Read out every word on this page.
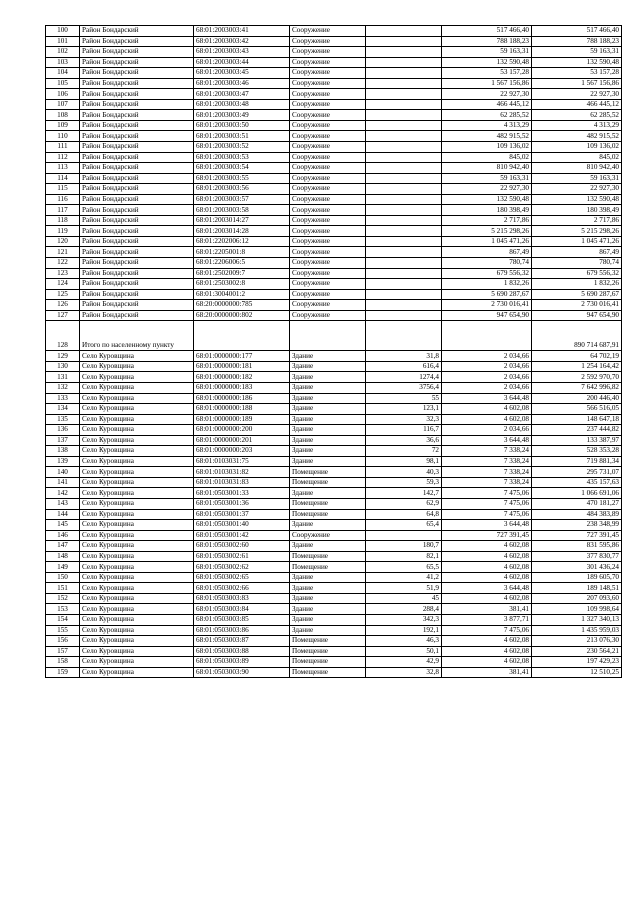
100	Район Бондарский	68:01:2003003:41	Сооружение		517 466,40	517 466,40
101	Район Бондарский	68:01:2003003:42	Сооружение		788 188,23	788 188,23
102	Район Бондарский	68:01:2003003:43	Сооружение		59 163,31	59 163,31
103	Район Бондарский	68:01:2003003:44	Сооружение		132 590,48	132 590,48
104	Район Бондарский	68:01:2003003:45	Сооружение		53 157,28	53 157,28
105	Район Бондарский	68:01:2003003:46	Сооружение		1 567 156,86	1 567 156,86
106	Район Бондарский	68:01:2003003:47	Сооружение		22 927,30	22 927,30
107	Район Бондарский	68:01:2003003:48	Сооружение		466 445,12	466 445,12
108	Район Бондарский	68:01:2003003:49	Сооружение		62 285,52	62 285,52
109	Район Бондарский	68:01:2003003:50	Сооружение		4 313,29	4 313,29
110	Район Бондарский	68:01:2003003:51	Сооружение		482 915,52	482 915,52
111	Район Бондарский	68:01:2003003:52	Сооружение		109 136,02	109 136,02
112	Район Бондарский	68:01:2003003:53	Сооружение		845,02	845,02
113	Район Бондарский	68:01:2003003:54	Сооружение		810 942,40	810 942,40
114	Район Бондарский	68:01:2003003:55	Сооружение		59 163,31	59 163,31
115	Район Бондарский	68:01:2003003:56	Сооружение		22 927,30	22 927,30
116	Район Бондарский	68:01:2003003:57	Сооружение		132 590,48	132 590,48
117	Район Бондарский	68:01:2003003:58	Сооружение		180 398,49	180 398,49
118	Район Бондарский	68:01:2003014:27	Сооружение		2 717,86	2 717,86
119	Район Бондарский	68:01:2003014:28	Сооружение		5 215 298,26	5 215 298,26
120	Район Бондарский	68:01:2202006:12	Сооружение		1 045 471,26	1 045 471,26
121	Район Бондарский	68:01:2205001:8	Сооружение		867,49	867,49
122	Район Бондарский	68:01:2206006:5	Сооружение		780,74	780,74
123	Район Бондарский	68:01:2502009:7	Сооружение		679 556,32	679 556,32
124	Район Бондарский	68:01:2503002:8	Сооружение		1 832,26	1 832,26
125	Район Бондарский	68:01:3004001:2	Сооружение		5 690 287,67	5 690 287,67
126	Район Бондарский	68:20:0000000:785	Сооружение		2 730 016,41	2 730 016,41
127	Район Бондарский	68:20:0000000:802	Сооружение		947 654,90	947 654,90
128	Итого по населенному пункту					890 714 687,91
129	Село Куровщина	68:01:0000000:177	Здание	31,8	2 034,66	64 702,19
130	Село Куровщина	68:01:0000000:181	Здание	616,4	2 034,66	1 254 164,42
131	Село Куровщина	68:01:0000000:182	Здание	1274,4	2 034,66	2 592 970,70
132	Село Куровщина	68:01:0000000:183	Здание	3756,4	2 034,66	7 642 996,82
133	Село Куровщина	68:01:0000000:186	Здание	55	3 644,48	200 446,40
134	Село Куровщина	68:01:0000000:188	Здание	123,1	4 602,08	566 516,05
135	Село Куровщина	68:01:0000000:189	Здание	32,3	4 602,08	148 647,18
136	Село Куровщина	68:01:0000000:200	Здание	116,7	2 034,66	237 444,82
137	Село Куровщина	68:01:0000000:201	Здание	36,6	3 644,48	133 387,97
138	Село Куровщина	68:01:0000000:203	Здание	72	7 338,24	528 353,28
139	Село Куровщина	68:01:0103031:75	Здание	98,1	7 338,24	719 881,34
140	Село Куровщина	68:01:0103031:82	Помещение	40,3	7 338,24	295 731,07
141	Село Куровщина	68:01:0103031:83	Помещение	59,3	7 338,24	435 157,63
142	Село Куровщина	68:01:0503001:33	Здание	142,7	7 475,06	1 066 691,06
143	Село Куровщина	68:01:0503001:36	Помещение	62,9	7 475,06	470 181,27
144	Село Куровщина	68:01:0503001:37	Помещение	64,8	7 475,06	484 383,89
145	Село Куровщина	68:01:0503001:40	Здание	65,4	3 644,48	238 348,99
146	Село Куровщина	68:01:0503001:42	Сооружение		727 391,45	727 391,45
147	Село Куровщина	68:01:0503002:60	Здание	180,7	4 602,08	831 595,86
148	Село Куровщина	68:01:0503002:61	Помещение	82,1	4 602,08	377 830,77
149	Село Куровщина	68:01:0503002:62	Помещение	65,5	4 602,08	301 436,24
150	Село Куровщина	68:01:0503002:65	Здание	41,2	4 602,08	189 605,70
151	Село Куровщина	68:01:0503002:66	Здание	51,9	3 644,48	189 148,51
152	Село Куровщина	68:01:0503003:83	Здание	45	4 602,08	207 093,60
153	Село Куровщина	68:01:0503003:84	Здание	288,4	381,41	109 998,64
154	Село Куровщина	68:01:0503003:85	Здание	342,3	3 877,71	1 327 340,13
155	Село Куровщина	68:01:0503003:86	Здание	192,1	7 475,06	1 435 959,03
156	Село Куровщина	68:01:0503003:87	Помещение	46,3	4 602,08	213 076,30
157	Село Куровщина	68:01:0503003:88	Помещение	50,1	4 602,08	230 564,21
158	Село Куровщина	68:01:0503003:89	Помещение	42,9	4 602,08	197 429,23
159	Село Куровщина	68:01:0503003:90	Помещение	32,8	381,41	12 510,25
